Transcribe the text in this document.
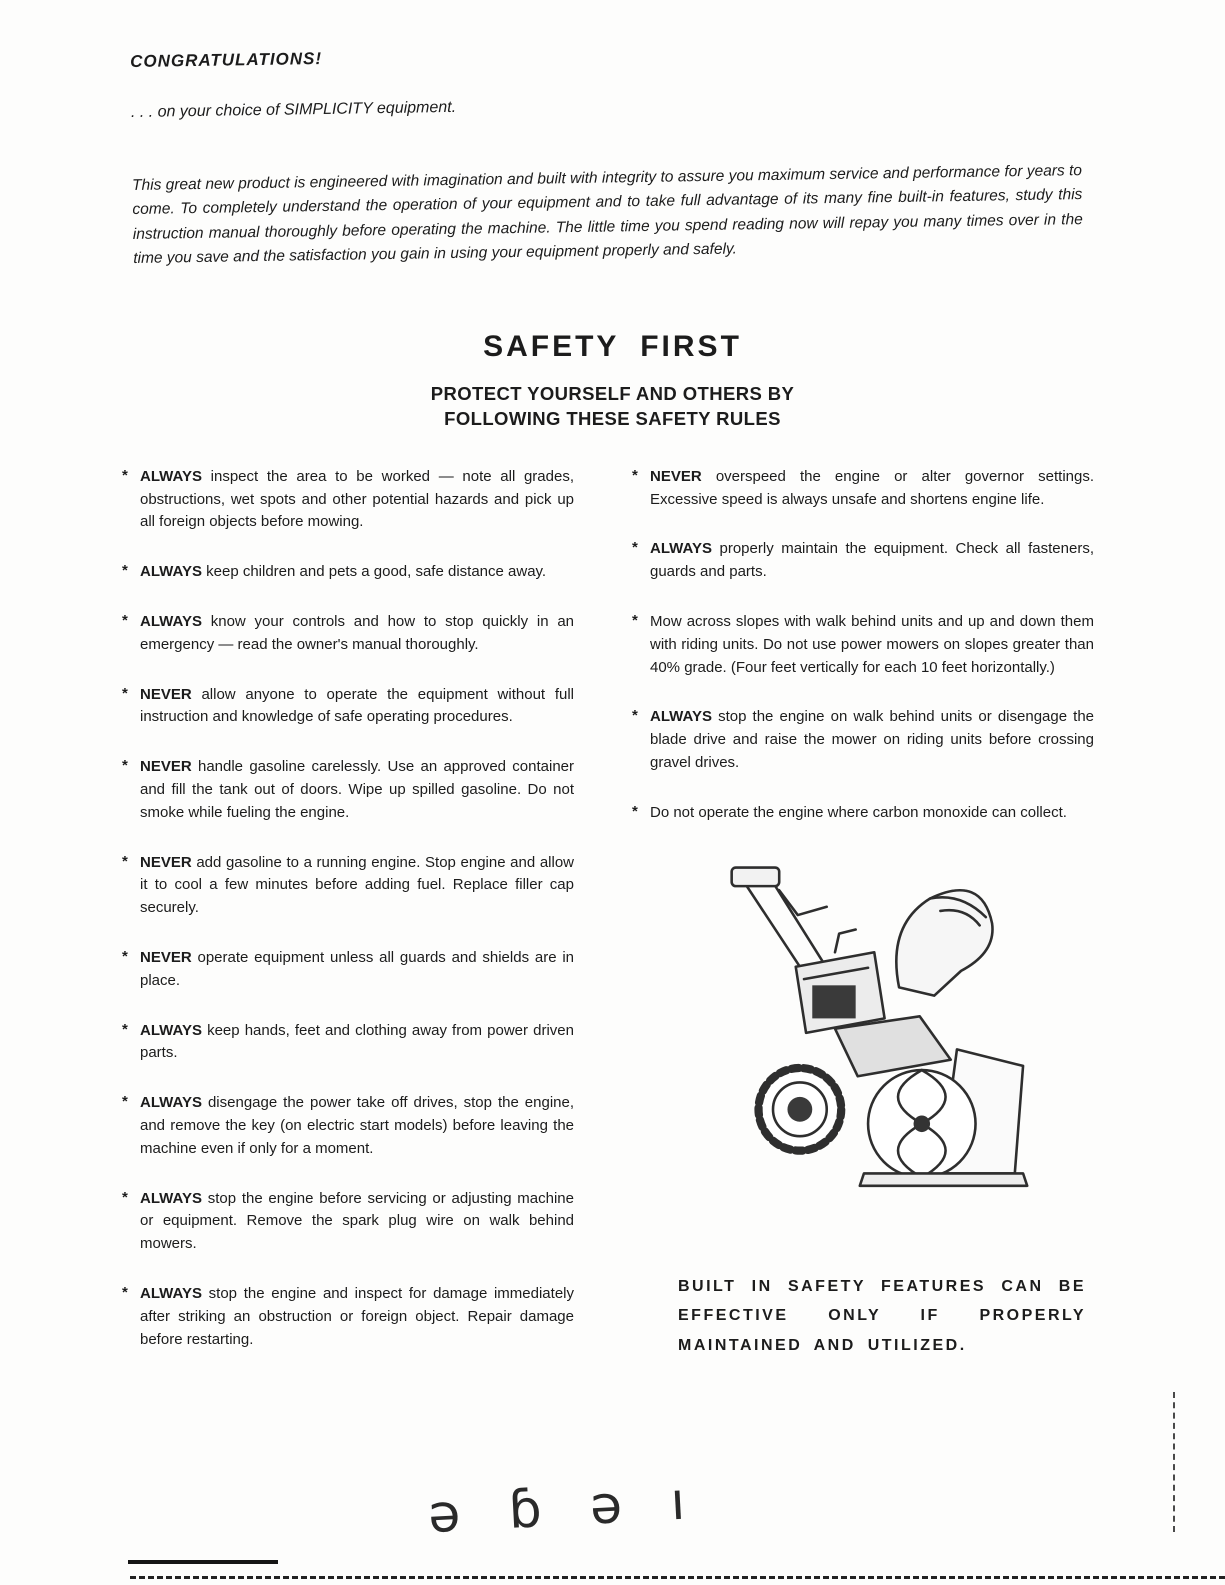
CONGRATULATIONS!
. . . on your choice of SIMPLICITY equipment.
This great new product is engineered with imagination and built with integrity to assure you maximum service and performance for years to come. To completely understand the operation of your equipment and to take full advantage of its many fine built-in features, study this instruction manual thoroughly before operating the machine. The little time you spend reading now will repay you many times over in the time you save and the satisfaction you gain in using your equipment properly and safely.
SAFETY FIRST
PROTECT YOURSELF AND OTHERS BY
FOLLOWING THESE SAFETY RULES
* ALWAYS inspect the area to be worked — note all grades, obstructions, wet spots and other potential hazards and pick up all foreign objects before mowing.
* ALWAYS keep children and pets a good, safe distance away.
* ALWAYS know your controls and how to stop quickly in an emergency — read the owner's manual thoroughly.
* NEVER allow anyone to operate the equipment without full instruction and knowledge of safe operating procedures.
* NEVER handle gasoline carelessly. Use an approved container and fill the tank out of doors. Wipe up spilled gasoline. Do not smoke while fueling the engine.
* NEVER add gasoline to a running engine. Stop engine and allow it to cool a few minutes before adding fuel. Replace filler cap securely.
* NEVER operate equipment unless all guards and shields are in place.
* ALWAYS keep hands, feet and clothing away from power driven parts.
* ALWAYS disengage the power take off drives, stop the engine, and remove the key (on electric start models) before leaving the machine even if only for a moment.
* ALWAYS stop the engine before servicing or adjusting machine or equipment. Remove the spark plug wire on walk behind mowers.
* ALWAYS stop the engine and inspect for damage immediately after striking an obstruction or foreign object. Repair damage before restarting.
* NEVER overspeed the engine or alter governor settings. Excessive speed is always unsafe and shortens engine life.
* ALWAYS properly maintain the equipment. Check all fasteners, guards and parts.
* Mow across slopes with walk behind units and up and down them with riding units. Do not use power mowers on slopes greater than 40% grade. (Four feet vertically for each 10 feet horizontally.)
* ALWAYS stop the engine on walk behind units or disengage the blade drive and raise the mower on riding units before crossing gravel drives.
* Do not operate the engine where carbon monoxide can collect.
BUILT IN SAFETY FEATURES CAN BE EFFECTIVE ONLY IF PROPERLY MAINTAINED AND UTILIZED.
ə ɓ ə ı
